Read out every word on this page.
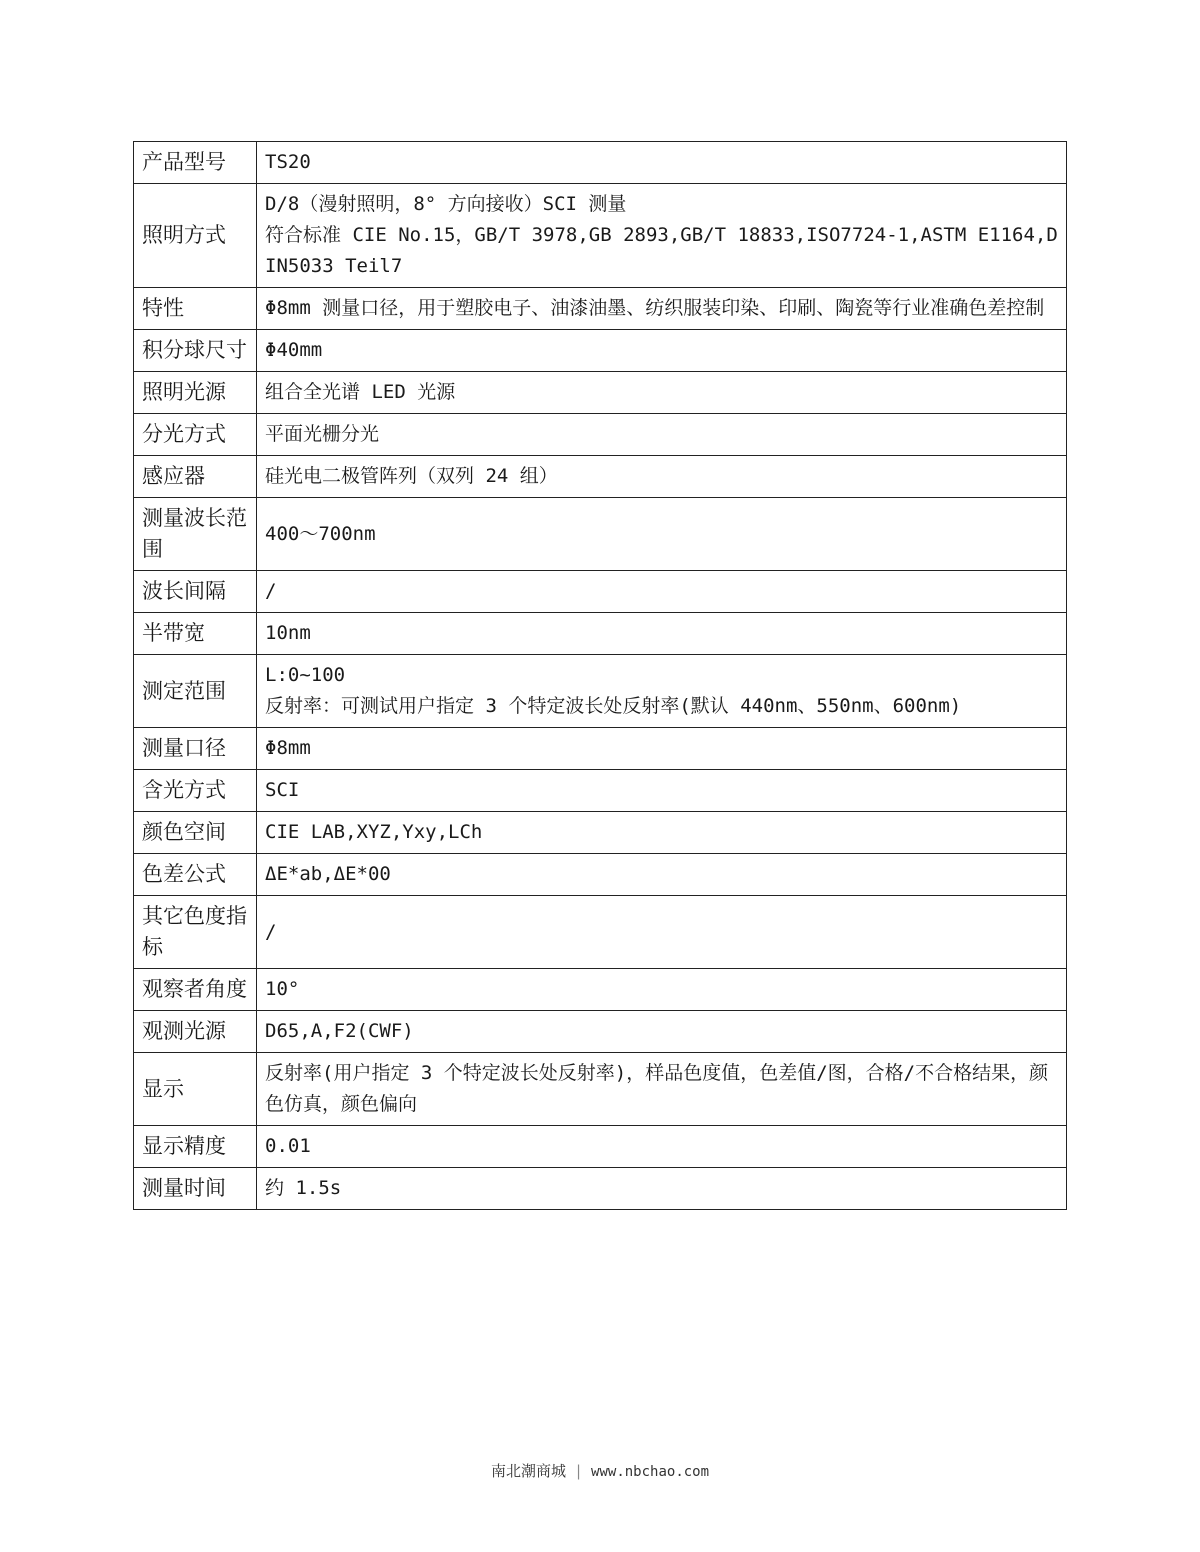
产品型号	TS20

照明方式	D/8（漫射照明，8° 方向接收）SCI 测量
符合标准 CIE No.15，GB/T 3978,GB 2893,GB/T 18833,ISO7724-1,ASTM E1164,DIN5033 Teil7

特性	Φ8mm 测量口径，用于塑胶电子、油漆油墨、纺织服装印染、印刷、陶瓷等行业准确色差控制

积分球尺寸	Φ40mm

照明光源	组合全光谱 LED 光源

分光方式	平面光栅分光

感应器	硅光电二极管阵列（双列 24 组）

测量波长范围	400～700nm

波长间隔	/

半带宽	10nm

测定范围	L:0~100
反射率：可测试用户指定 3 个特定波长处反射率(默认 440nm、550nm、600nm)

测量口径	Φ8mm

含光方式	SCI

颜色空间	CIE LAB,XYZ,Yxy,LCh

色差公式	ΔE*ab,ΔE*00

其它色度指标	/

观察者角度	10°

观测光源	D65,A,F2(CWF)

显示	反射率(用户指定 3 个特定波长处反射率)，样品色度值，色差值/图，合格/不合格结果，颜色仿真，颜色偏向

显示精度	0.01

测量时间	约 1.5s
南北潮商城 | www.nbchao.com
